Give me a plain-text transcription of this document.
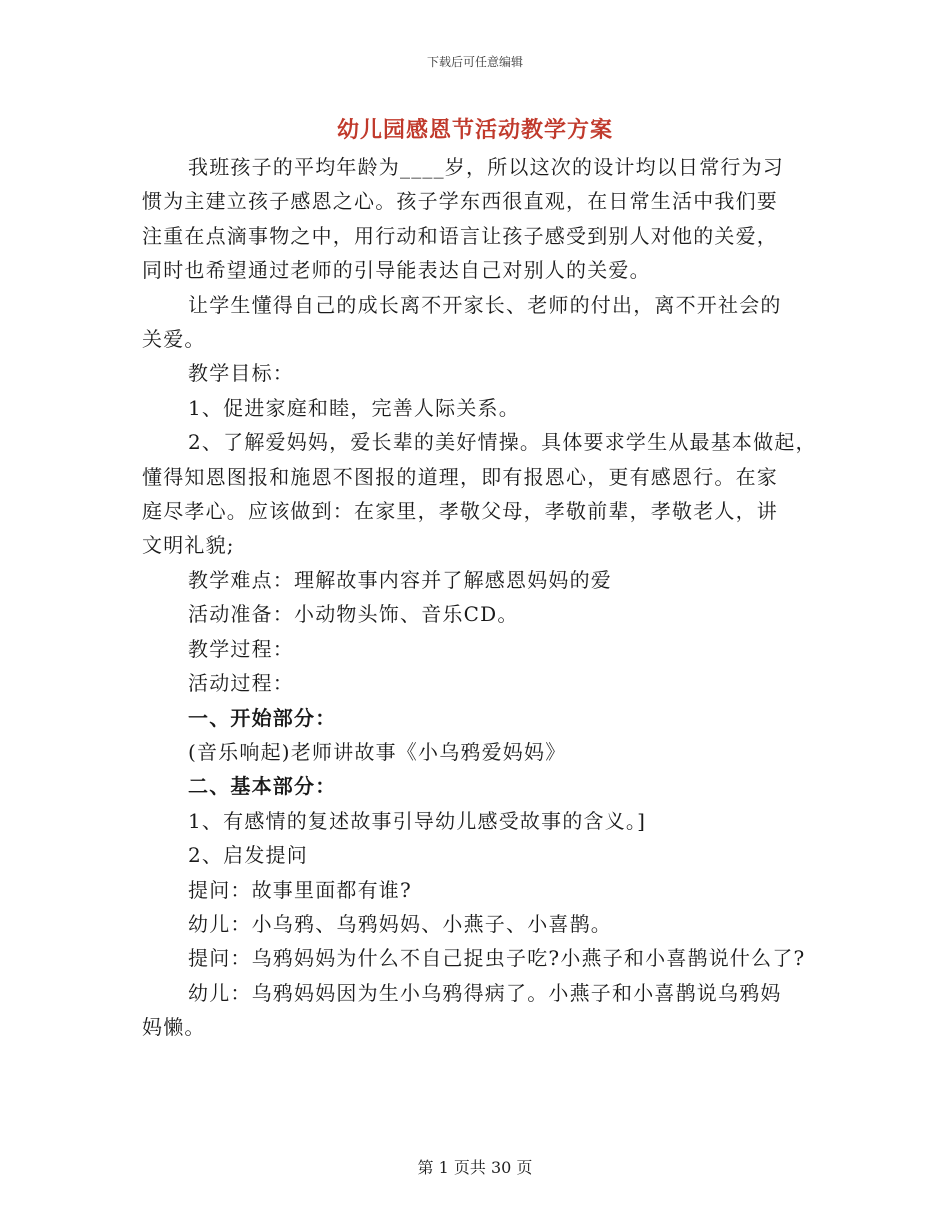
下载后可任意编辑
幼儿园感恩节活动教学方案

我班孩子的平均年龄为____岁，所以这次的设计均以日常行为习

惯为主建立孩子感恩之心。孩子学东西很直观，在日常生活中我们要

注重在点滴事物之中，用行动和语言让孩子感受到别人对他的关爱，

同时也希望通过老师的引导能表达自己对别人的关爱。

让学生懂得自己的成长离不开家长、老师的付出，离不开社会的

关爱。

教学目标：

1、促进家庭和睦，完善人际关系。

2、了解爱妈妈，爱长辈的美好情操。具体要求学生从最基本做起，

懂得知恩图报和施恩不图报的道理，即有报恩心，更有感恩行。在家

庭尽孝心。应该做到：在家里，孝敬父母，孝敬前辈，孝敬老人，讲

文明礼貌;

教学难点：理解故事内容并了解感恩妈妈的爱

活动准备：小动物头饰、音乐CD。

教学过程：

活动过程：

一、开始部分：

(音乐响起)老师讲故事《小乌鸦爱妈妈》

二、基本部分：

1、有感情的复述故事引导幼儿感受故事的含义。]

2、启发提问

提问：故事里面都有谁?

幼儿：小乌鸦、乌鸦妈妈、小燕子、小喜鹊。

提问：乌鸦妈妈为什么不自己捉虫子吃?小燕子和小喜鹊说什么了?

幼儿：乌鸦妈妈因为生小乌鸦得病了。小燕子和小喜鹊说乌鸦妈

妈懒。

第 1 页共 30 页
